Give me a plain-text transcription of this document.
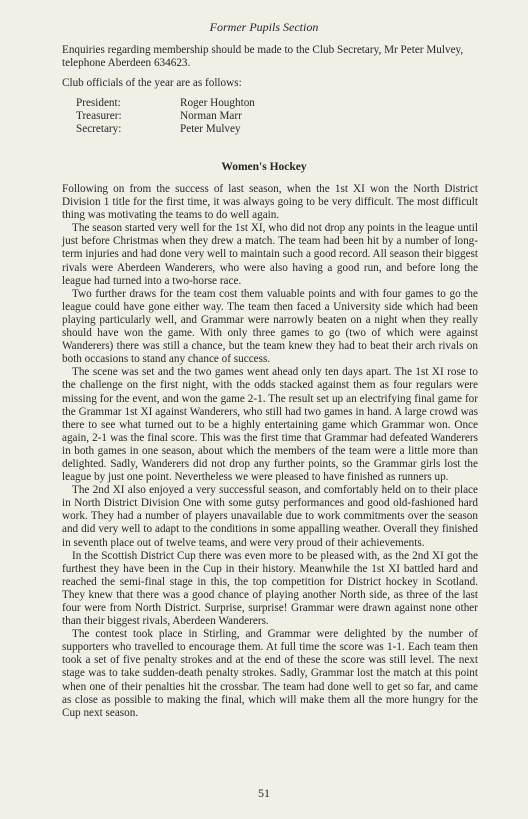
Former Pupils Section

Enquiries regarding membership should be made to the Club Secretary, Mr Peter Mulvey, telephone Aberdeen 634623.

Club officials of the year are as follows:

President:	Roger Houghton
Treasurer:	Norman Marr
Secretary:	Peter Mulvey
Women's Hockey

Following on from the success of last season, when the 1st XI won the North District Division 1 title for the first time, it was always going to be very difficult. The most difficult thing was motivating the teams to do well again.

The season started very well for the 1st XI, who did not drop any points in the league until just before Christmas when they drew a match. The team had been hit by a number of long-term injuries and had done very well to maintain such a good record. All season their biggest rivals were Aberdeen Wanderers, who were also having a good run, and before long the league had turned into a two-horse race.

Two further draws for the team cost them valuable points and with four games to go the league could have gone either way. The team then faced a University side which had been playing particularly well, and Grammar were narrowly beaten on a night when they really should have won the game. With only three games to go (two of which were against Wanderers) there was still a chance, but the team knew they had to beat their arch rivals on both occasions to stand any chance of success.

The scene was set and the two games went ahead only ten days apart. The 1st XI rose to the challenge on the first night, with the odds stacked against them as four regulars were missing for the event, and won the game 2-1. The result set up an electrifying final game for the Grammar 1st XI against Wanderers, who still had two games in hand. A large crowd was there to see what turned out to be a highly entertaining game which Grammar won. Once again, 2-1 was the final score. This was the first time that Grammar had defeated Wanderers in both games in one season, about which the members of the team were a little more than delighted. Sadly, Wanderers did not drop any further points, so the Grammar girls lost the league by just one point. Nevertheless we were pleased to have finished as runners up.

The 2nd XI also enjoyed a very successful season, and comfortably held on to their place in North District Division One with some gutsy performances and good old-fashioned hard work. They had a number of players unavailable due to work commitments over the season and did very well to adapt to the conditions in some appalling weather. Overall they finished in seventh place out of twelve teams, and were very proud of their achievements.

In the Scottish District Cup there was even more to be pleased with, as the 2nd XI got the furthest they have been in the Cup in their history. Meanwhile the 1st XI battled hard and reached the semi-final stage in this, the top competition for District hockey in Scotland. They knew that there was a good chance of playing another North side, as three of the last four were from North District. Surprise, surprise! Grammar were drawn against none other than their biggest rivals, Aberdeen Wanderers.

The contest took place in Stirling, and Grammar were delighted by the number of supporters who travelled to encourage them. At full time the score was 1-1. Each team then took a set of five penalty strokes and at the end of these the score was still level. The next stage was to take sudden-death penalty strokes. Sadly, Grammar lost the match at this point when one of their penalties hit the crossbar. The team had done well to get so far, and came as close as possible to making the final, which will make them all the more hungry for the Cup next season.

51
